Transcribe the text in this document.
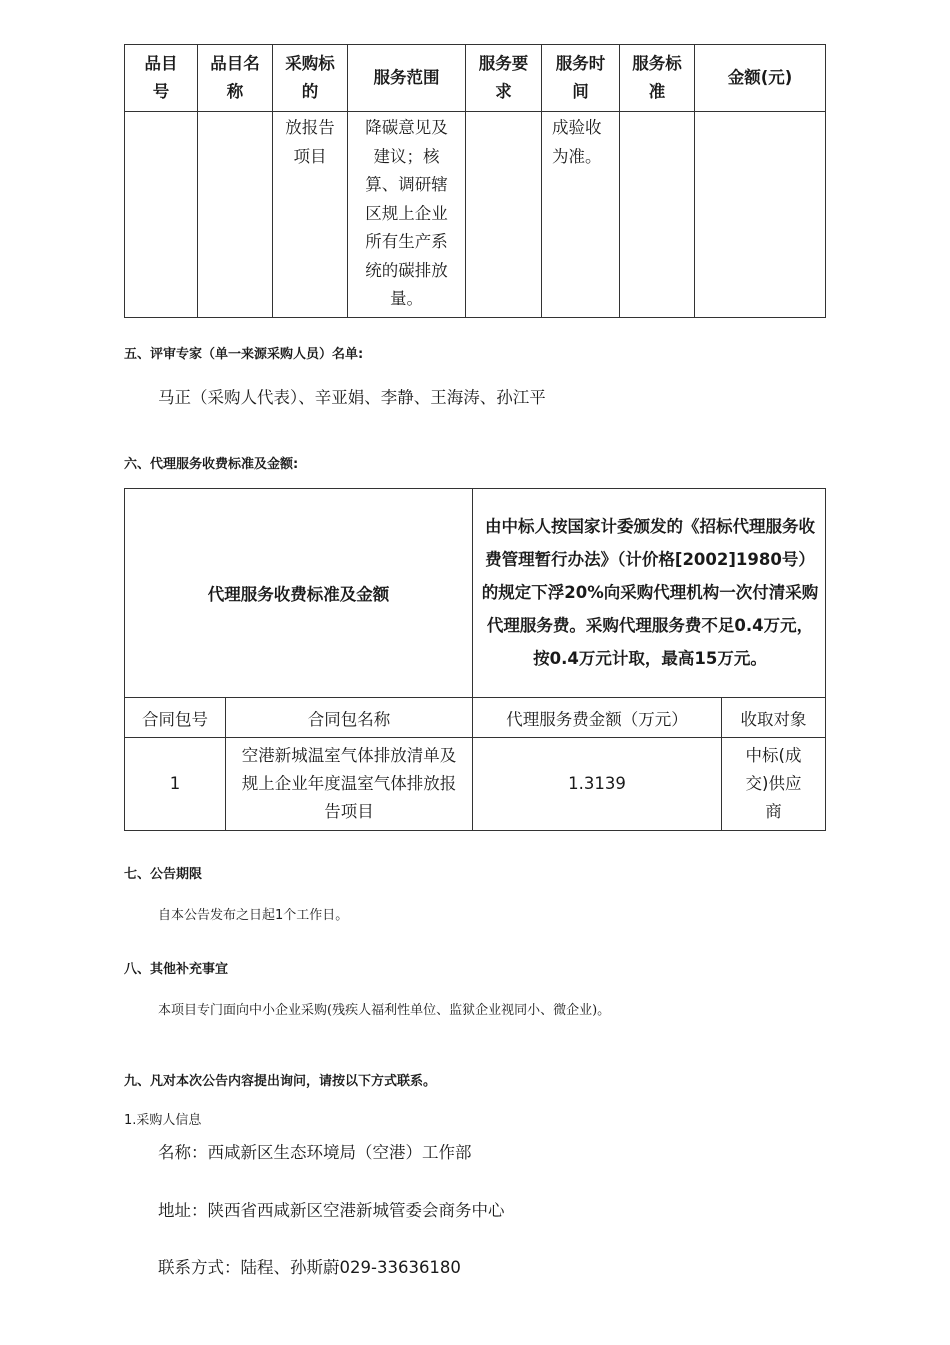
品目号	品目名称	采购标的	服务范围	服务要求	服务时间	服务标准	金额(元)
		放报告项目	降碳意见及建议；核算、调研辖区规上企业所有生产系统的碳排放量。		成验收为准。		
五、评审专家（单一来源采购人员）名单:
马正（采购人代表）、辛亚娟、李静、王海涛、孙江平
六、代理服务收费标准及金额:
代理服务收费标准及金额		由中标人按国家计委颁发的《招标代理服务收费管理暂行办法》（计价格[2002]1980号）的规定下浮20%向采购代理机构一次付清采购代理服务费。采购代理服务费不足0.4万元，按0.4万元计取，最高15万元。	
合同包号	合同包名称	代理服务费金额（万元）	收取对象
1	空港新城温室气体排放清单及规上企业年度温室气体排放报告项目	1.3139	中标(成交)供应商
七、公告期限
自本公告发布之日起1个工作日。
八、其他补充事宜
本项目专门面向中小企业采购(残疾人福利性单位、监狱企业视同小、微企业)。
九、凡对本次公告内容提出询问，请按以下方式联系。
1.采购人信息
名称：西咸新区生态环境局（空港）工作部
地址：陕西省西咸新区空港新城管委会商务中心
联系方式：陆程、孙斯蔚029-33636180
